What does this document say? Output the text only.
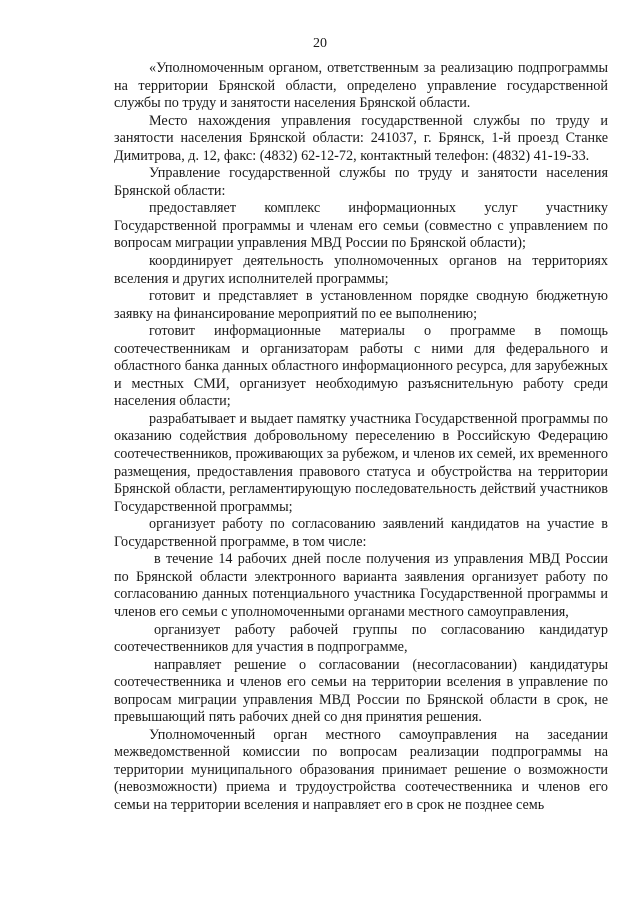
20

«Уполномоченным органом, ответственным за реализацию подпрограммы на территории Брянской области, определено управление государственной службы по труду и занятости населения Брянской области.

Место нахождения управления государственной службы по труду и занятости населения Брянской области: 241037, г. Брянск, 1-й проезд Станке Димитрова, д. 12, факс: (4832) 62-12-72, контактный телефон: (4832) 41-19-33.

Управление государственной службы по труду и занятости населения Брянской области:

предоставляет комплекс информационных услуг участнику Государственной программы и членам его семьи (совместно с управлением по вопросам миграции управления МВД России по Брянской области);

координирует деятельность уполномоченных органов на территориях вселения и других исполнителей программы;

готовит и представляет в установленном порядке сводную бюджетную заявку на финансирование мероприятий по ее выполнению;

готовит информационные материалы о программе в помощь соотечественникам и организаторам работы с ними для федерального и областного банка данных областного информационного ресурса, для зарубежных и местных СМИ, организует необходимую разъяснительную работу среди населения области;

разрабатывает и выдает памятку участника Государственной программы по оказанию содействия добровольному переселению в Российскую Федерацию соотечественников, проживающих за рубежом, и членов их семей, их временного размещения, предоставления правового статуса и обустройства на территории Брянской области, регламентирующую последовательность действий участников Государственной программы;

организует работу по согласованию заявлений кандидатов на участие в Государственной программе, в том числе:

в течение 14 рабочих дней после получения из управления МВД России по Брянской области электронного варианта заявления организует работу по согласованию данных потенциального участника Государственной программы и членов его семьи с уполномоченными органами местного самоуправления,

организует работу рабочей группы по согласованию кандидатур соотечественников для участия в подпрограмме,

направляет решение о согласовании (несогласовании) кандидатуры соотечественника и членов его семьи на территории вселения в управление по вопросам миграции управления МВД России по Брянской области в срок, не превышающий пять рабочих дней со дня принятия решения.

Уполномоченный орган местного самоуправления на заседании межведомственной комиссии по вопросам реализации подпрограммы на территории муниципального образования принимает решение о возможности (невозможности) приема и трудоустройства соотечественника и членов его семьи на территории вселения и направляет его в срок не позднее семь
